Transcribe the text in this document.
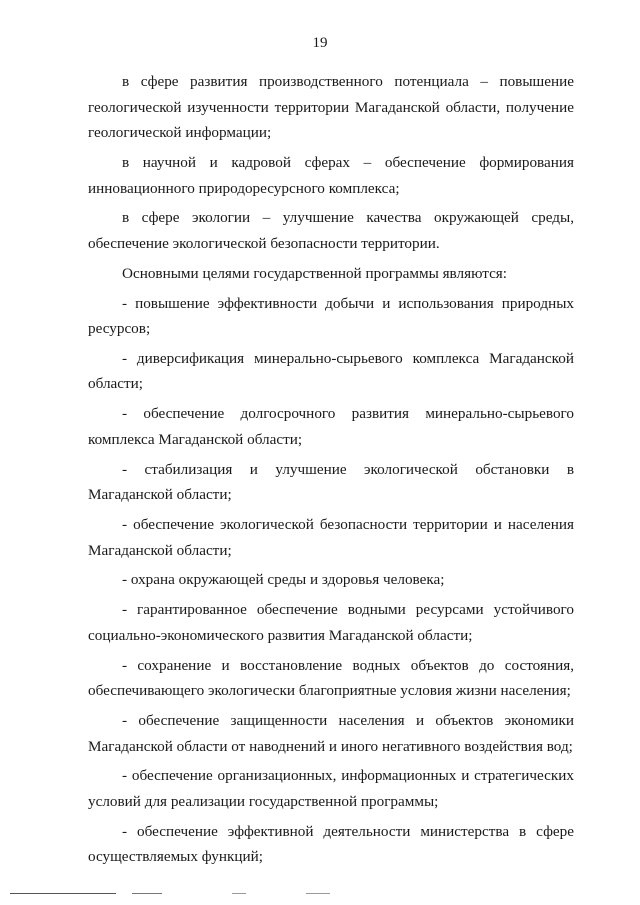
19

в сфере развития производственного потенциала – повышение геологической изученности территории Магаданской области, получение геологической информации;

в научной и кадровой сферах – обеспечение формирования инновационного природоресурсного комплекса;

в сфере экологии – улучшение качества окружающей среды, обеспечение экологической безопасности территории.

Основными целями государственной программы являются:

- повышение эффективности добычи и использования природных ресурсов;

- диверсификация минерально-сырьевого комплекса Магаданской области;

- обеспечение долгосрочного развития минерально-сырьевого комплекса Магаданской области;

- стабилизация и улучшение экологической обстановки в Магаданской области;

- обеспечение экологической безопасности территории и населения Магаданской области;

- охрана окружающей среды и здоровья человека;

- гарантированное обеспечение водными ресурсами устойчивого социально-экономического развития Магаданской области;

- сохранение и восстановление водных объектов до состояния, обеспечивающего экологически благоприятные условия жизни населения;

- обеспечение защищенности населения и объектов экономики Магаданской области от наводнений и иного негативного воздействия вод;

- обеспечение организационных, информационных и стратегических условий для реализации государственной программы;

- обеспечение эффективной деятельности министерства в сфере осуществляемых функций;
